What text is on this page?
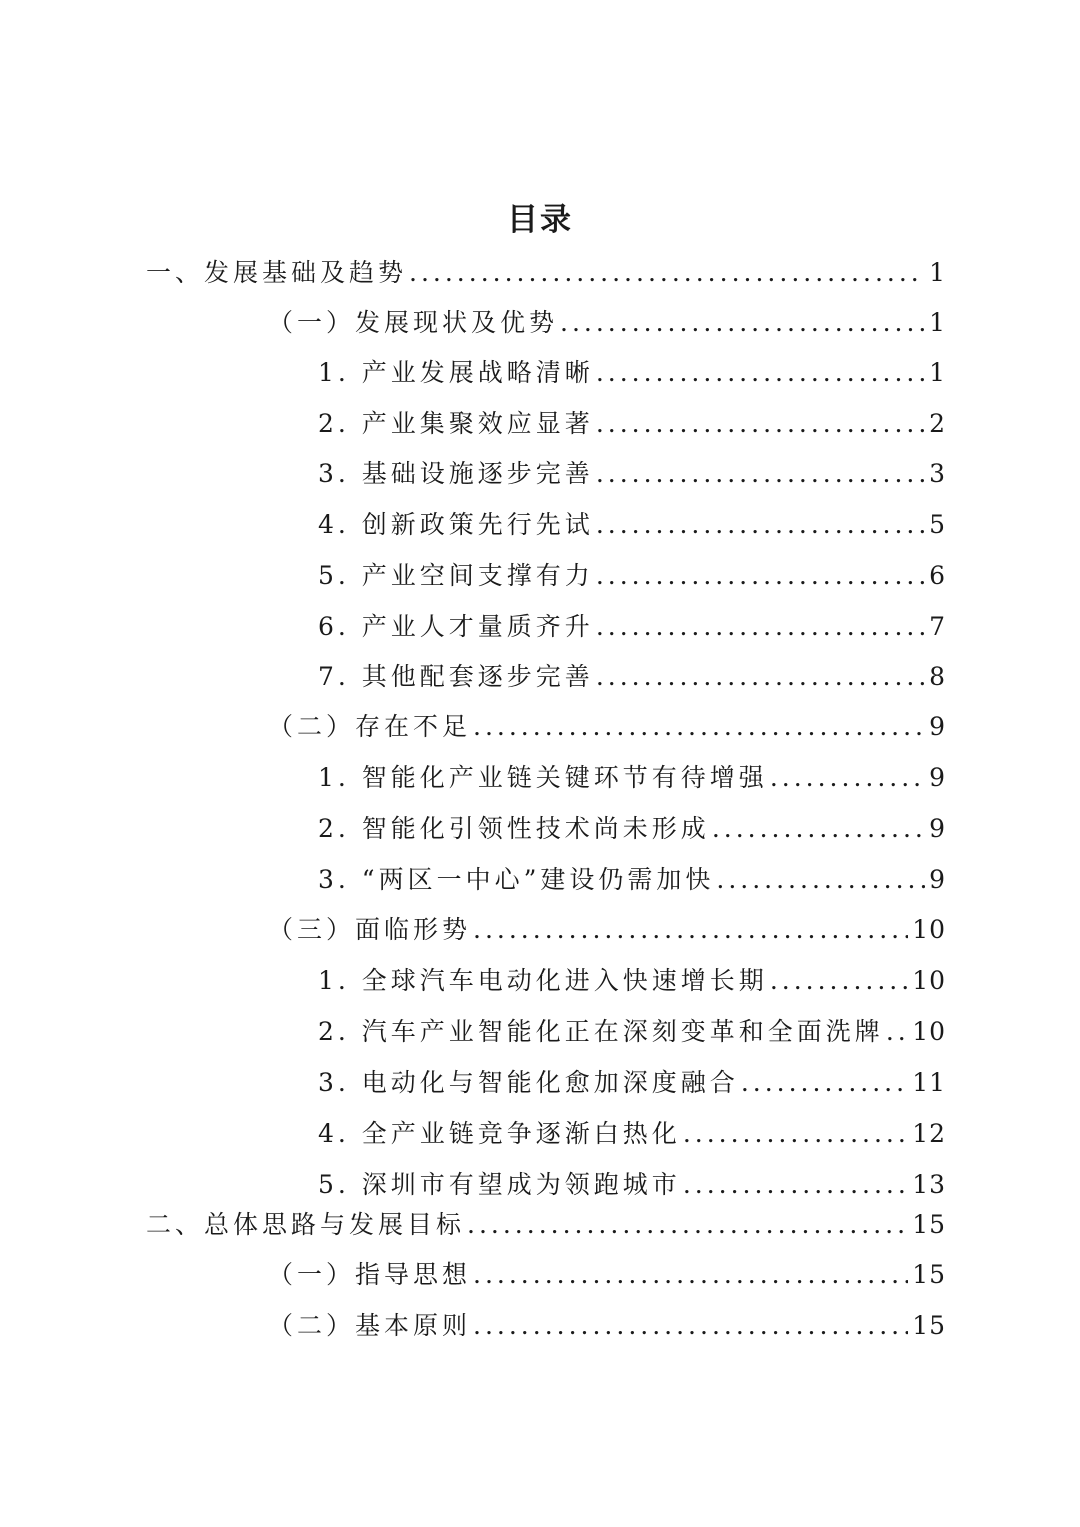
目录
一、发展基础及趋势 .....	1
（一）发展现状及优势 .....	1
1. 产业发展战略清晰 .....	1
2. 产业集聚效应显著 .....	2
3. 基础设施逐步完善 .....	3
4. 创新政策先行先试 .....	5
5. 产业空间支撑有力 .....	6
6. 产业人才量质齐升 .....	7
7. 其他配套逐步完善 .....	8
（二）存在不足 .....	9
1. 智能化产业链关键环节有待增强 .....	9
2. 智能化引领性技术尚未形成 .....	9
3. “两区一中心”建设仍需加快 .....	9
（三）面临形势 .....	10
1. 全球汽车电动化进入快速增长期 .....	10
2. 汽车产业智能化正在深刻变革和全面洗牌 ..... 10
3. 电动化与智能化愈加深度融合 .....	11
4. 全产业链竞争逐渐白热化 .....	12
5. 深圳市有望成为领跑城市 .....	13
二、总体思路与发展目标 .....	15
（一）指导思想 .....	15
（二）基本原则 .....	15
